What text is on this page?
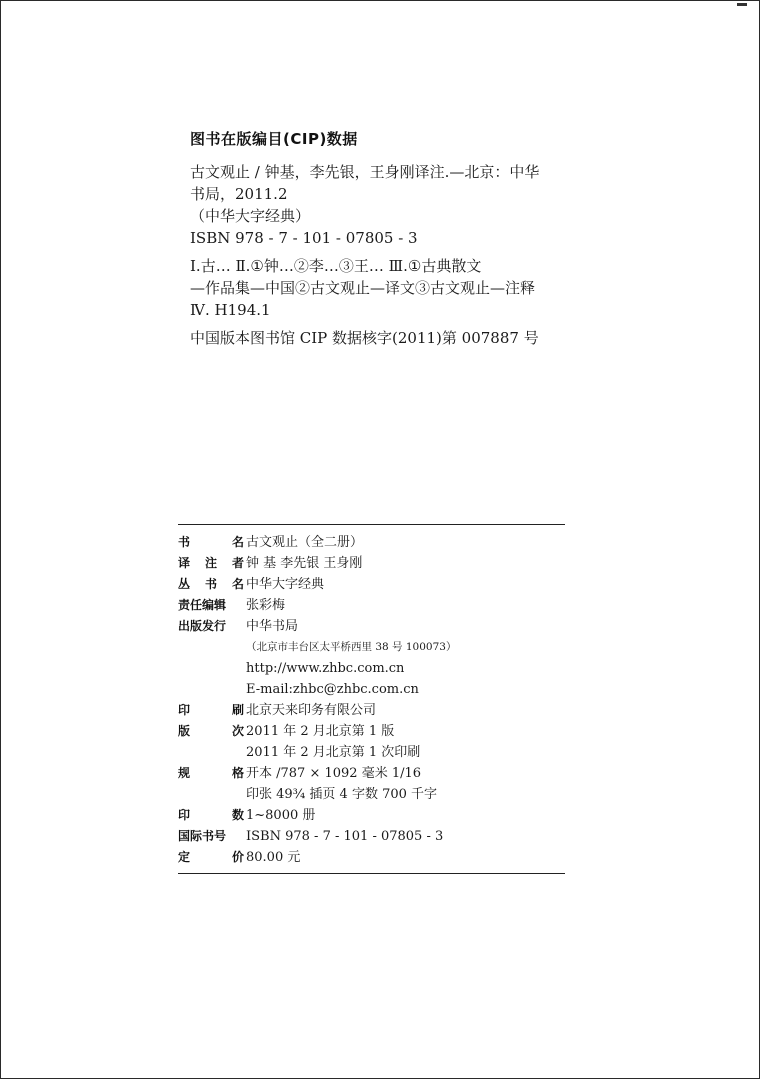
图书在版编目(CIP)数据
古文观止 / 钟基，李先银，王身刚译注.—北京：中华
书局，2011.2
（中华大字经典）
ISBN 978 - 7 - 101 - 07805 - 3
Ⅰ.古… Ⅱ.①钟…②李…③王… Ⅲ.①古典散文
—作品集—中国②古文观止—译文③古文观止—注释
Ⅳ. H194.1
中国版本图书馆 CIP 数据核字(2011)第 007887 号
书	名 古文观止（全二册）
译 注 者 钟 基 李先银 王身刚
丛 书 名 中华大字经典
责任编辑 张彩梅
出版发行 中华书局
（北京市丰台区太平桥西里 38 号 100073）
http://www.zhbc.com.cn
E-mail:zhbc@zhbc.com.cn
印	刷 北京天来印务有限公司
版	次 2011 年 2 月北京第 1 版
2011 年 2 月北京第 1 次印刷
规	格 开本 /787 × 1092 毫米 1/16
印张 49¾ 插页 4 字数 700 千字
印	数 1~8000 册
国际书号 ISBN 978 - 7 - 101 - 07805 - 3
定	价 80.00 元
